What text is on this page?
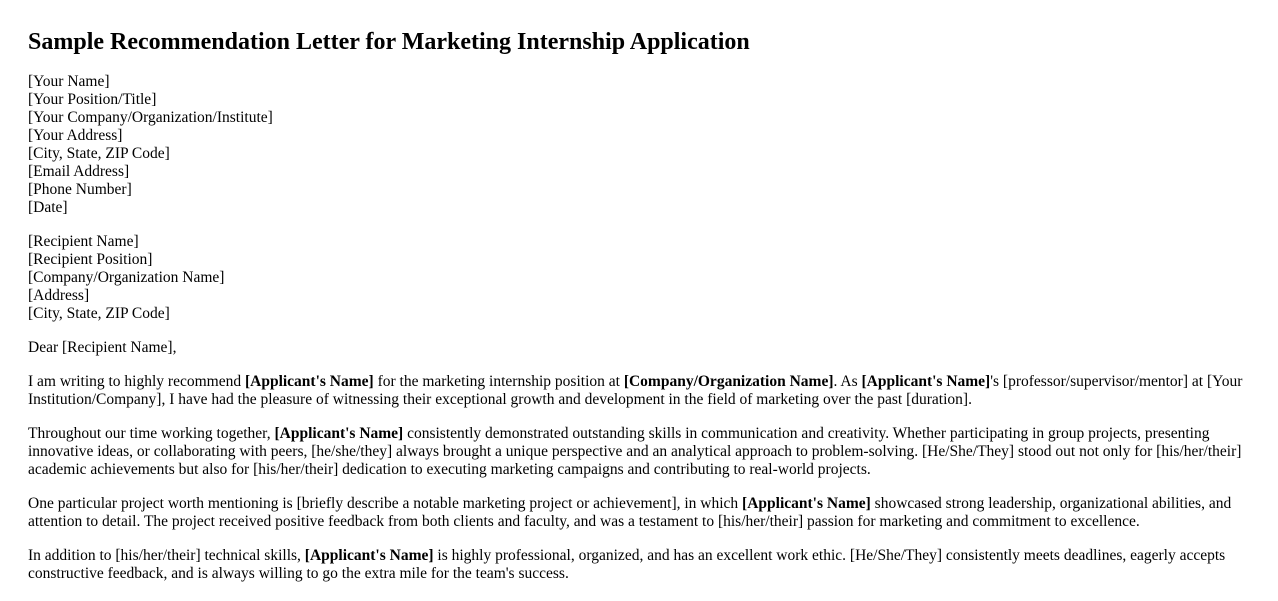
Sample Recommendation Letter for Marketing Internship Application
[Your Name]
[Your Position/Title]
[Your Company/Organization/Institute]
[Your Address]
[City, State, ZIP Code]
[Email Address]
[Phone Number]
[Date]
[Recipient Name]
[Recipient Position]
[Company/Organization Name]
[Address]
[City, State, ZIP Code]

Dear [Recipient Name],

I am writing to highly recommend [Applicant's Name] for the marketing internship position at [Company/Organization Name]. As [Applicant's Name]'s [professor/supervisor/mentor] at [Your Institution/Company], I have had the pleasure of witnessing their exceptional growth and development in the field of marketing over the past [duration].

Throughout our time working together, [Applicant's Name] consistently demonstrated outstanding skills in communication and creativity. Whether participating in group projects, presenting innovative ideas, or collaborating with peers, [he/she/they] always brought a unique perspective and an analytical approach to problem-solving. [He/She/They] stood out not only for [his/her/their] academic achievements but also for [his/her/their] dedication to executing marketing campaigns and contributing to real-world projects.

One particular project worth mentioning is [briefly describe a notable marketing project or achievement], in which [Applicant's Name] showcased strong leadership, organizational abilities, and attention to detail. The project received positive feedback from both clients and faculty, and was a testament to [his/her/their] passion for marketing and commitment to excellence.

In addition to [his/her/their] technical skills, [Applicant's Name] is highly professional, organized, and has an excellent work ethic. [He/She/They] consistently meets deadlines, eagerly accepts constructive feedback, and is always willing to go the extra mile for the team's success.
